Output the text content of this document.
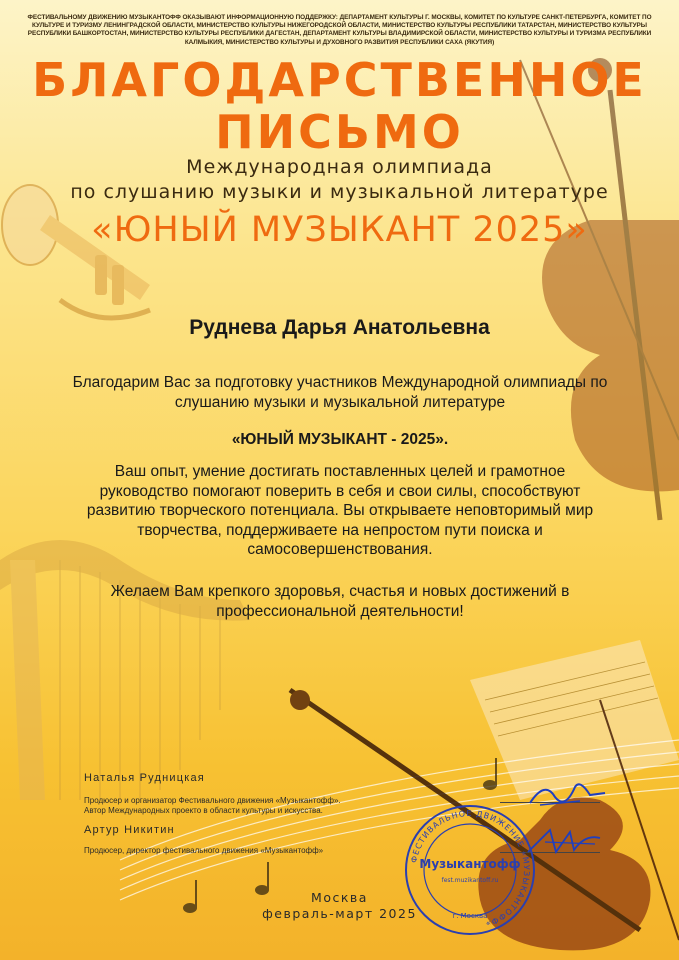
ФЕСТИВАЛЬНОМУ ДВИЖЕНИЮ МУЗЫКАНТОФФ ОКАЗЫВАЮТ ИНФОРМАЦИОННУЮ ПОДДЕРЖКУ: ДЕПАРТАМЕНТ КУЛЬТУРЫ Г. МОСКВЫ, КОМИТЕТ ПО КУЛЬТУРЕ САНКТ-ПЕТЕРБУРГА, КОМИТЕТ ПО КУЛЬТУРЕ И ТУРИЗМУ ЛЕНИНГРАДСКОЙ ОБЛАСТИ, МИНИСТЕРСТВО КУЛЬТУРЫ НИЖЕГОРОДСКОЙ ОБЛАСТИ, МИНИСТЕРСТВО КУЛЬТУРЫ РЕСПУБЛИКИ ТАТАРСТАН, МИНИСТЕРСТВО КУЛЬТУРЫ РЕСПУБЛИКИ БАШКОРТОСТАН, МИНИСТЕРСТВО КУЛЬТУРЫ РЕСПУБЛИКИ ДАГЕСТАН, ДЕПАРТАМЕНТ КУЛЬТУРЫ ВЛАДИМИРСКОЙ ОБЛАСТИ, МИНИСТЕРСТВО КУЛЬТУРЫ И ТУРИЗМА РЕСПУБЛИКИ КАЛМЫКИЯ, МИНИСТЕРСТВО КУЛЬТУРЫ И ДУХОВНОГО РАЗВИТИЯ РЕСПУБЛИКИ САХА (ЯКУТИЯ)
БЛАГОДАРСТВЕННОЕ
ПИСЬМО
Международная олимпиада
по слушанию музыки и музыкальной литературе
«ЮНЫЙ МУЗЫКАНТ 2025»
Руднева Дарья Анатольевна
Благодарим Вас за подготовку участников Международной олимпиады по слушанию музыки и музыкальной литературе
«ЮНЫЙ МУЗЫКАНТ - 2025».
Ваш опыт, умение достигать поставленных целей и грамотное руководство помогают поверить в себя и свои силы, способствуют развитию творческого потенциала. Вы открываете неповторимый мир творчества, поддерживаете на непростом пути поиска и самосовершенствования.
Желаем Вам крепкого здоровья, счастья и новых достижений в профессиональной деятельности!
Наталья Рудницкая
Продюсер и организатор Фестивального движения «Музыкантофф».
Автор Международных проекто в области культуры и искусства.
Артур Никитин
Продюсер, директор фестивального движения «Музыкантофф»
ФЕСТИВАЛЬНОЕ ДВИЖЕНИЕ «МУЗЫКАНТОФФ»
Музыкантофф
fest.muzikantoff.ru
г. Москва
Москва
февраль-март 2025
